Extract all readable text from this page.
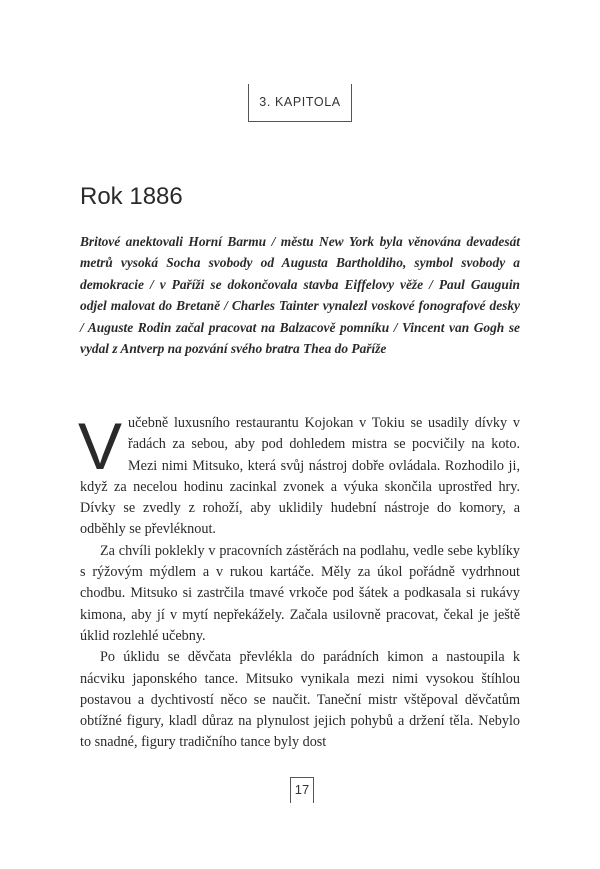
3. KAPITOLA
Rok 1886

Britové anektovali Horní Barmu / městu New York byla věnována devadesát metrů vysoká Socha svobody od Augusta Bartholdiho, symbol svobody a demokracie / v Paříži se dokončovala stavba Eiffelovy věže / Paul Gauguin odjel malovat do Bretaně / Charles Tainter vynalezl voskové fonografové desky / Auguste Rodin začal pracovat na Balzacově pomníku / Vincent van Gogh se vydal z Antverp na pozvání svého bratra Thea do Paříže

Vučebně luxusního restaurantu Kojokan v Tokiu se usadily dívky v řadách za sebou, aby pod dohledem mistra se pocvičily na koto. Mezi nimi Mitsuko, která svůj nástroj dobře ovládala. Rozhodilo ji, když za necelou hodinu zacinkal zvonek a výuka skončila uprostřed hry. Dívky se zvedly z rohoží, aby uklidily hudební nástroje do komory, a odběhly se převléknout.

Za chvíli poklekly v pracovních zástěrách na podlahu, vedle sebe kyblíky s rýžovým mýdlem a v rukou kartáče. Měly za úkol pořádně vydrhnout chodbu. Mitsuko si zastrčila tmavé vrkoče pod šátek a podkasala si rukávy kimona, aby jí v mytí nepřekážely. Začala usilovně pracovat, čekal je ještě úklid rozlehlé učebny.

Po úklidu se děvčata převlékla do parádních kimon a nastoupila k nácviku japonského tance. Mitsuko vynikala mezi nimi vysokou štíhlou postavou a dychtivostí něco se naučit. Taneční mistr vštěpoval děvčatům obtížné figury, kladl důraz na plynulost jejich pohybů a držení těla. Nebylo to snadné, figury tradičního tance byly dost

17
